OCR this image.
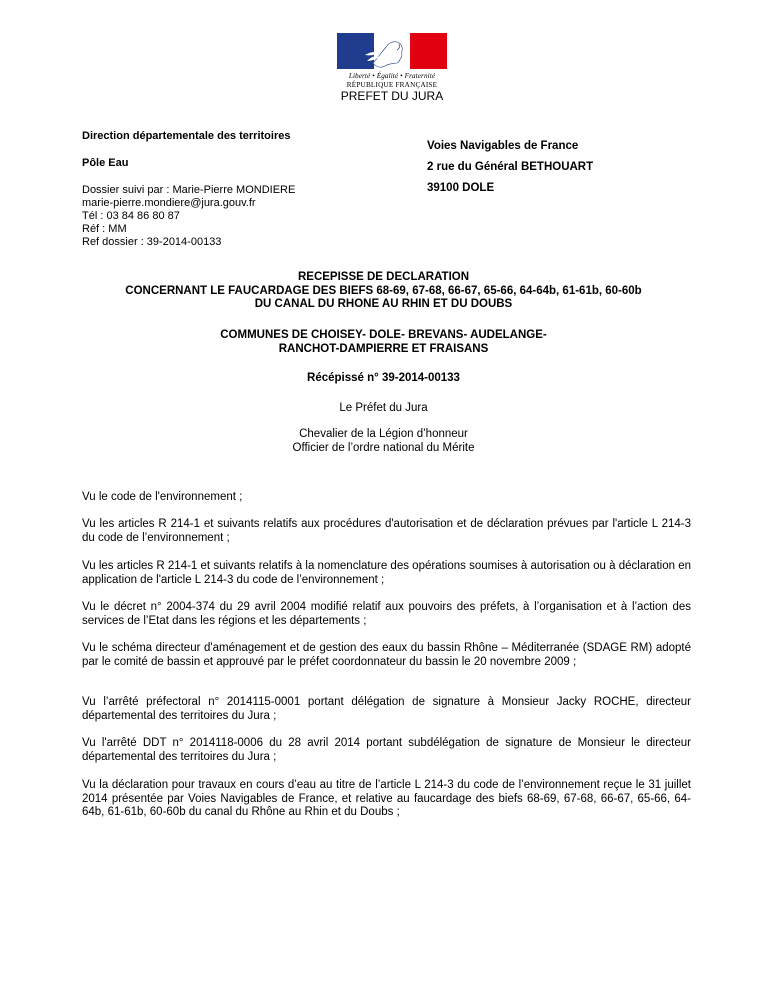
Liberté • Égalité • Fraternité
RÉPUBLIQUE FRANÇAISE
PREFET DU JURA
Direction départementale des territoires
Pôle Eau
Dossier suivi par : Marie-Pierre MONDIERE
marie-pierre.mondiere@jura.gouv.fr
Tél : 03 84 86 80 87
Réf : MM
Ref dossier : 39-2014-00133
Voies Navigables de France
2 rue du Général BETHOUART
39100 DOLE
RECEPISSE DE DECLARATION
CONCERNANT LE FAUCARDAGE DES BIEFS 68-69, 67-68, 66-67, 65-66, 64-64b, 61-61b, 60-60b
DU CANAL DU RHONE AU RHIN ET DU DOUBS
COMMUNES DE CHOISEY- DOLE- BREVANS- AUDELANGE-
RANCHOT-DAMPIERRE ET FRAISANS
Récépissé n° 39-2014-00133
Le Préfet du Jura
Chevalier de la Légion d’honneur
Officier de l’ordre national du Mérite
Vu le code de l'environnement ;
Vu les articles R 214-1 et suivants relatifs aux procédures d'autorisation et de déclaration prévues par l'article L 214-3 du code de l’environnement ;
Vu les articles R 214-1 et suivants relatifs à la nomenclature des opérations soumises à autorisation ou à déclaration en application de l'article L 214-3 du code de l’environnement ;
Vu le décret n° 2004-374 du 29 avril 2004 modifié relatif aux pouvoirs des préfets, à l’organisation et à l’action des services de l’Etat dans les régions et les départements ;
Vu le schéma directeur d'aménagement et de gestion des eaux du bassin Rhône – Méditerranée (SDAGE RM) adopté par le comité de bassin et approuvé par le préfet coordonnateur du bassin le 20 novembre 2009 ;
Vu l’arrêté préfectoral n° 2014115-0001 portant délégation de signature à Monsieur Jacky ROCHE, directeur départemental des territoires du Jura ;
Vu l'arrêté DDT n° 2014118-0006 du 28 avril 2014 portant subdélégation de signature de Monsieur le directeur départemental des territoires du Jura ;
Vu la déclaration pour travaux en cours d’eau au titre de l’article L 214-3 du code de l’environnement reçue le 31 juillet 2014 présentée par Voies Navigables de France, et relative au faucardage des biefs 68-69, 67-68, 66-67, 65-66, 64-64b, 61-61b, 60-60b du canal du Rhône au Rhin et du Doubs ;
